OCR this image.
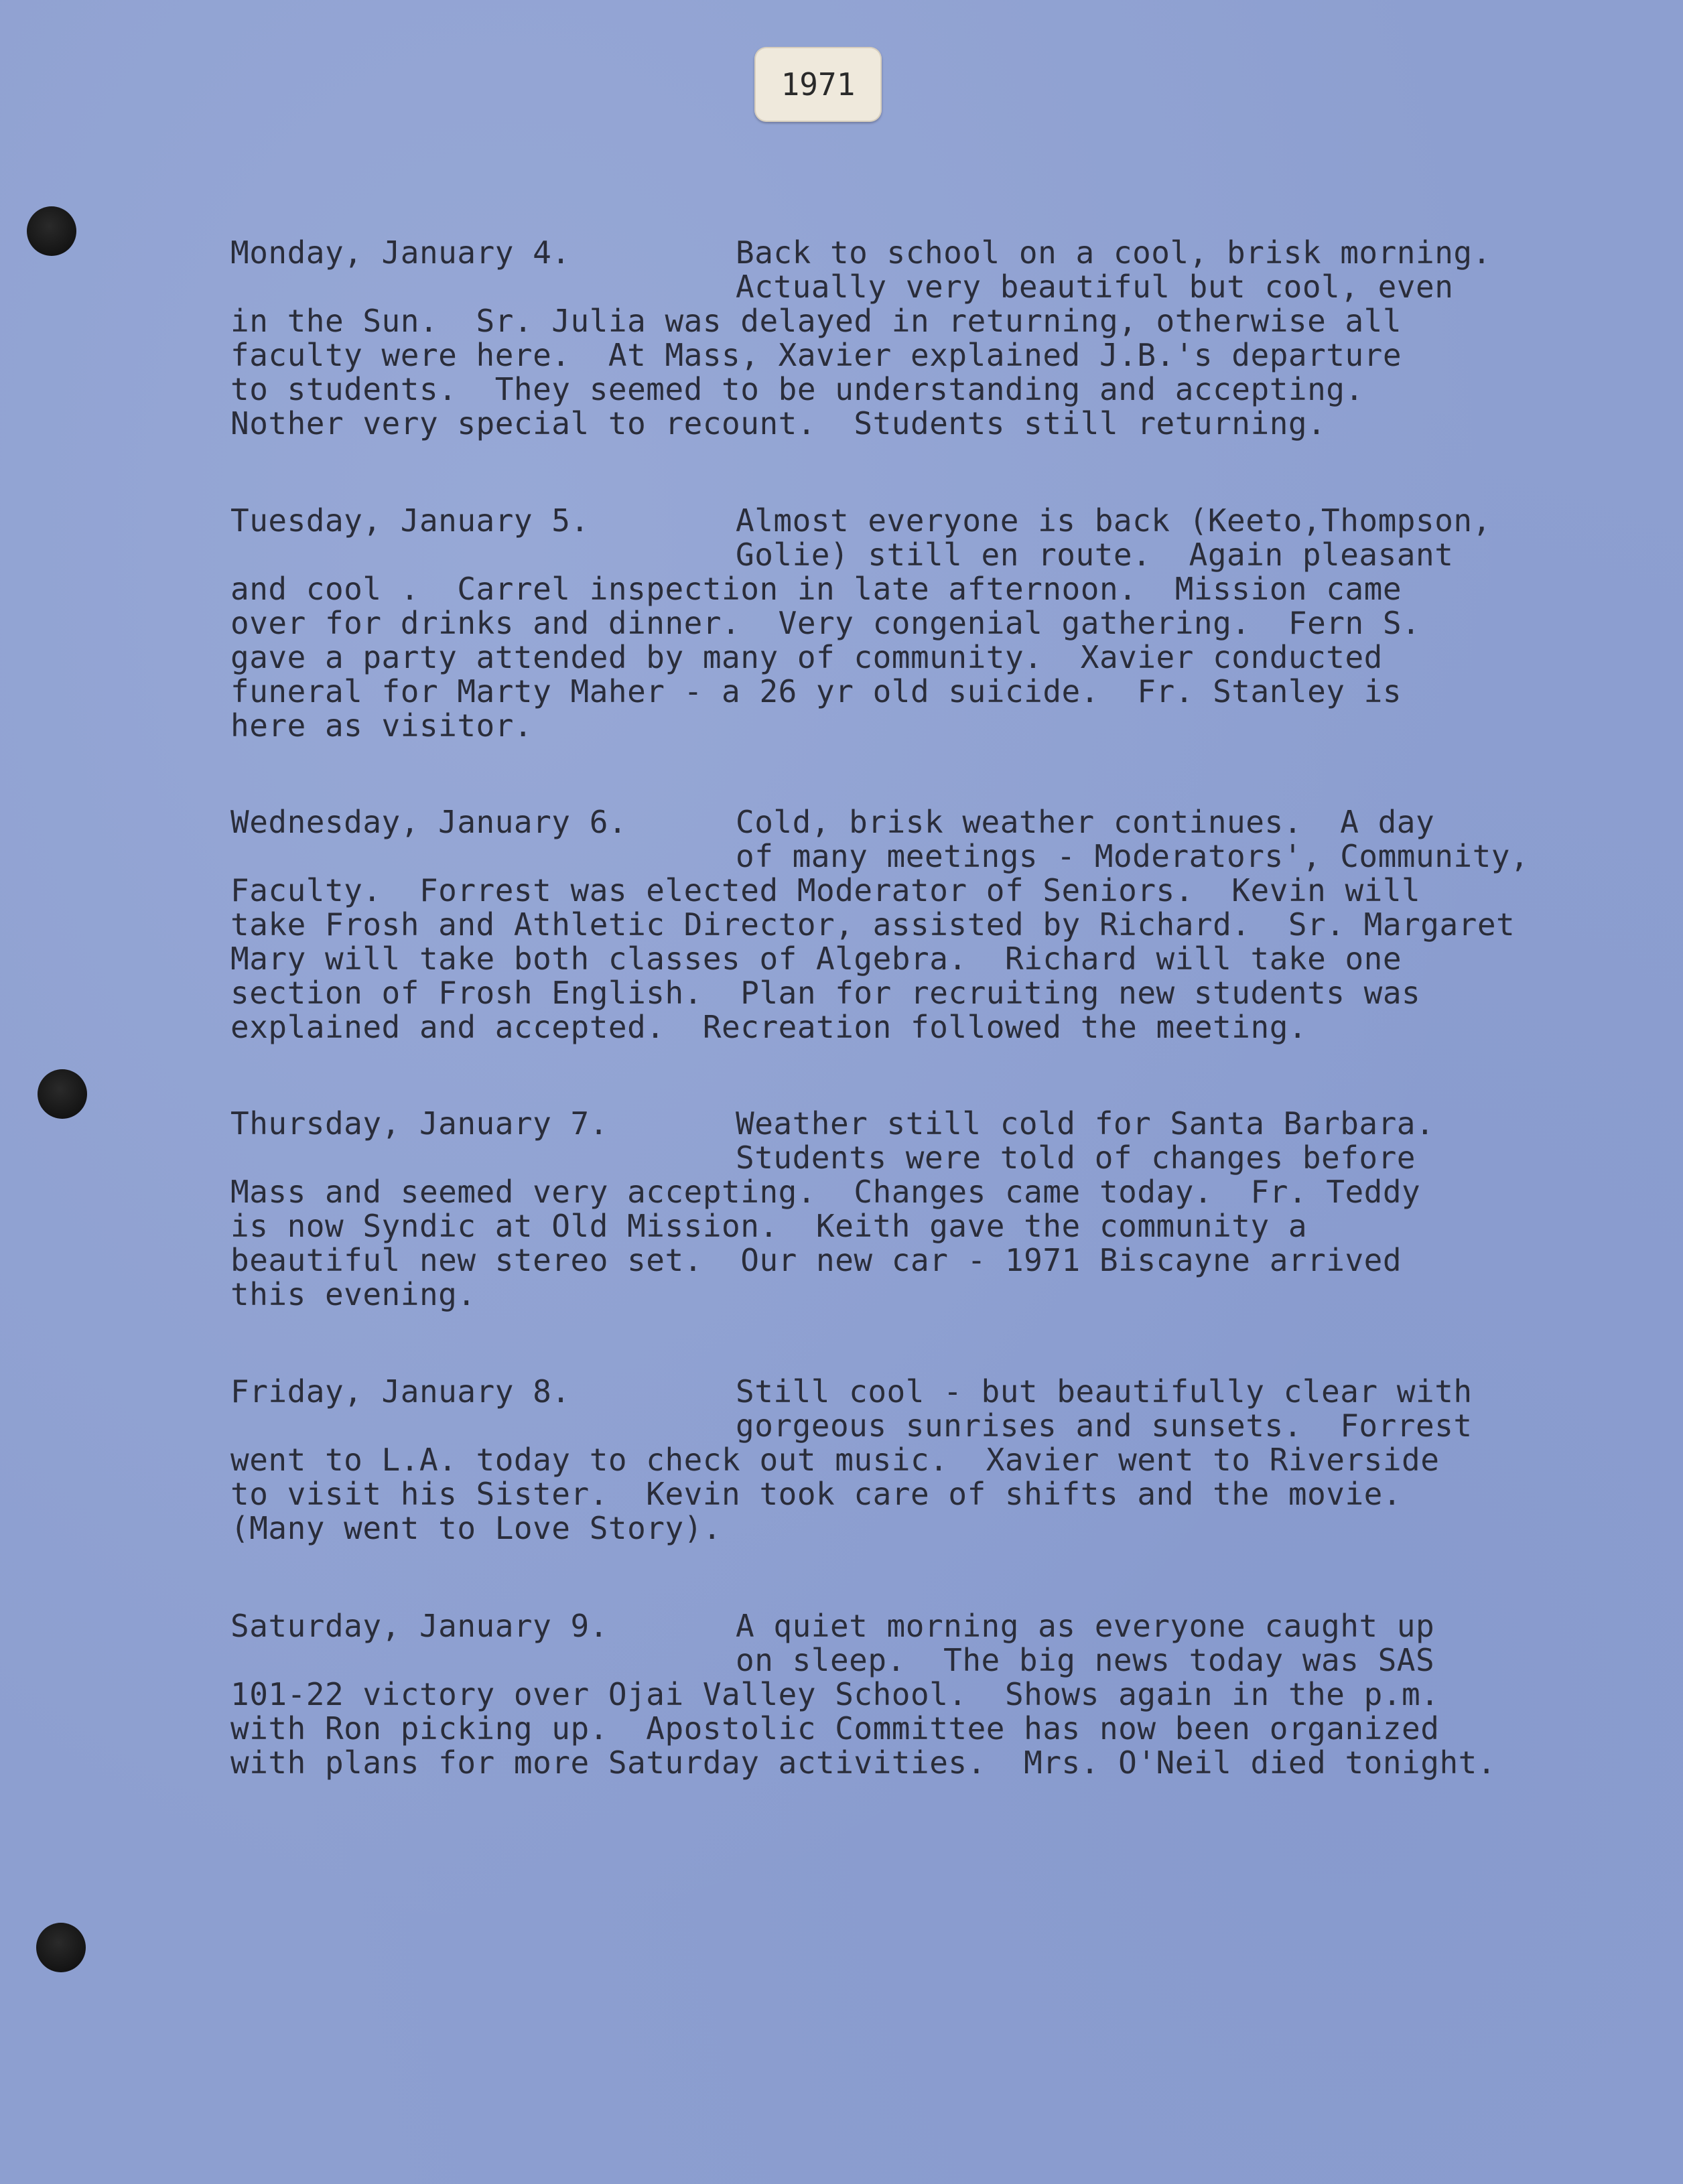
1971

Monday, January 4.

	Back to school on a cool, brisk morning.

Actually very beautiful but cool, even
in the Sun.  Sr. Julia was delayed in returning, otherwise all
faculty were here.  At Mass, Xavier explained J.B.'s departure
to students.  They seemed to be understanding and accepting.
Nother very special to recount.  Students still returning.

Tuesday, January 5.

	Almost everyone is back (Keeto,Thompson,

Golie) still en route.  Again pleasant
and cool .  Carrel inspection in late afternoon.  Mission came
over for drinks and dinner.  Very congenial gathering.  Fern S.
gave a party attended by many of community.  Xavier conducted
funeral for Marty Maher - a 26 yr old suicide.  Fr. Stanley is
here as visitor.

Wednesday, January 6.

	Cold, brisk weather continues.  A day

of many meetings - Moderators', Community,
Faculty.  Forrest was elected Moderator of Seniors.  Kevin will
take Frosh and Athletic Director, assisted by Richard.  Sr. Margaret
Mary will take both classes of Algebra.  Richard will take one
section of Frosh English.  Plan for recruiting new students was
explained and accepted.  Recreation followed the meeting.

Thursday, January 7.

	Weather still cold for Santa Barbara.

Students were told of changes before
Mass and seemed very accepting.  Changes came today.  Fr. Teddy
is now Syndic at Old Mission.  Keith gave the community a
beautiful new stereo set.  Our new car - 1971 Biscayne arrived
this evening.

Friday, January 8.

	Still cool - but beautifully clear with

gorgeous sunrises and sunsets.  Forrest
went to L.A. today to check out music.  Xavier went to Riverside
to visit his Sister.  Kevin took care of shifts and the movie.
(Many went to Love Story).

Saturday, January 9.

	A quiet morning as everyone caught up

on sleep.  The big news today was SAS
101-22 victory over Ojai Valley School.  Shows again in the p.m.
with Ron picking up.  Apostolic Committee has now been organized
with plans for more Saturday activities.  Mrs. O'Neil died tonight.
